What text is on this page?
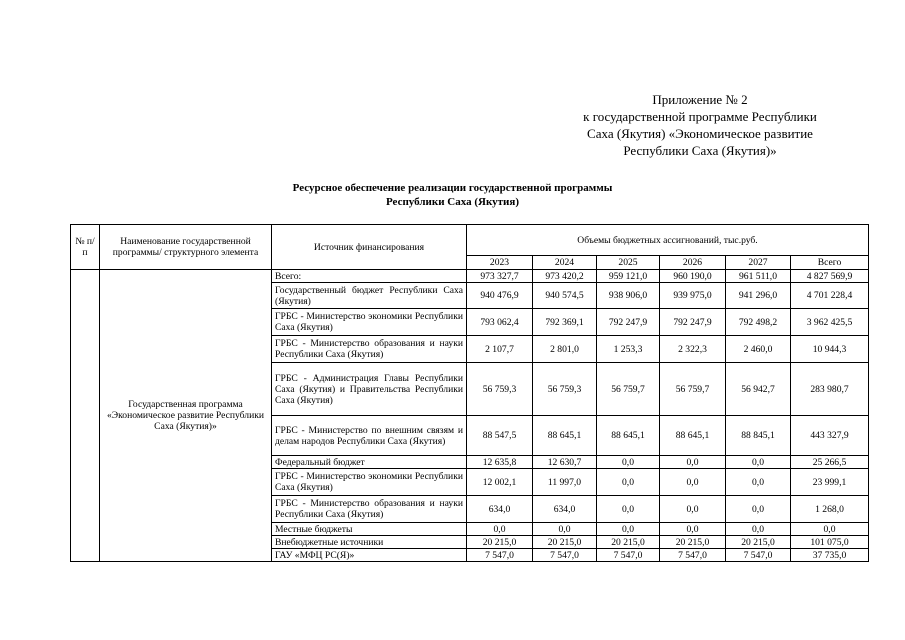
Приложение № 2
к государственной программе Республики
Саха (Якутия) «Экономическое развитие
Республики Саха (Якутия)»
Ресурсное обеспечение реализации государственной программы
Республики Саха (Якутия)
№ п/п	Наименование государственной программы/ структурного элемента	Источник финансирования	Объемы бюджетных ассигнований, тыс.руб.					
			2023	2024	2025	2026	2027	Всего
	Государственная программа «Экономическое развитие Республики Саха (Якутия)»	Всего:	973 327,7	973 420,2	959 121,0	960 190,0	961 511,0	4 827 569,9
		Государственный бюджет Республики Саха (Якутия)	940 476,9	940 574,5	938 906,0	939 975,0	941 296,0	4 701 228,4
		ГРБС - Министерство экономики Республики Саха (Якутия)	793 062,4	792 369,1	792 247,9	792 247,9	792 498,2	3 962 425,5
		ГРБС - Министерство образования и науки Республики Саха (Якутия)	2 107,7	2 801,0	1 253,3	2 322,3	2 460,0	10 944,3
		ГРБС - Администрация Главы Республики Саха (Якутия) и Правительства Республики Саха (Якутия)	56 759,3	56 759,3	56 759,7	56 759,7	56 942,7	283 980,7
		ГРБС - Министерство по внешним связям и делам народов Республики Саха (Якутия)	88 547,5	88 645,1	88 645,1	88 645,1	88 845,1	443 327,9
		Федеральный бюджет	12 635,8	12 630,7	0,0	0,0	0,0	25 266,5
		ГРБС - Министерство экономики Республики Саха (Якутия)	12 002,1	11 997,0	0,0	0,0	0,0	23 999,1
		ГРБС - Министерство образования и науки Республики Саха (Якутия)	634,0	634,0	0,0	0,0	0,0	1 268,0
		Местные бюджеты	0,0	0,0	0,0	0,0	0,0	0,0
		Внебюджетные источники	20 215,0	20 215,0	20 215,0	20 215,0	20 215,0	101 075,0
		ГАУ «МФЦ РС(Я)»	7 547,0	7 547,0	7 547,0	7 547,0	7 547,0	37 735,0
